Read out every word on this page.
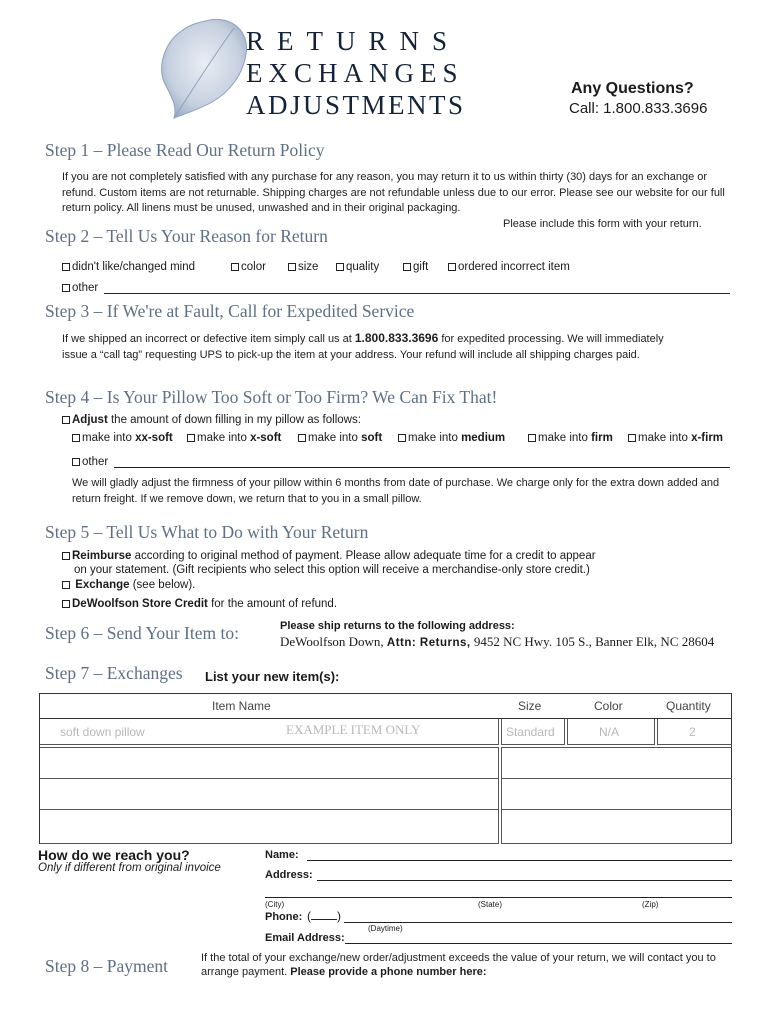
RETURNS
EXCHANGES
ADJUSTMENTS
Any Questions?
Call: 1.800.833.3696
Step 1 – Please Read Our Return Policy
If you are not completely satisfied with any purchase for any reason, you may return it to us within thirty (30) days for an exchange or refund. Custom items are not returnable. Shipping charges are not refundable unless due to our error. Please see our website for our full return policy. All linens must be unused, unwashed and in their original packaging.
Please include this form with your return.
Step 2 – Tell Us Your Reason for Return
didn't like/changed mind	color	size	quality	gift	ordered incorrect item
other
Step 3 – If We're at Fault, Call for Expedited Service
If we shipped an incorrect or defective item simply call us at 1.800.833.3696 for expedited processing. We will immediately issue a “call tag” requesting UPS to pick-up the item at your address. Your refund will include all shipping charges paid.
Step 4 – Is Your Pillow Too Soft or Too Firm? We Can Fix That!
Adjust the amount of down filling in my pillow as follows:
make into xx-soft	make into x-soft	make into soft	make into medium	make into firm	make into x-firm
other
We will gladly adjust the firmness of your pillow within 6 months from date of purchase. We charge only for the extra down added and return freight. If we remove down, we return that to you in a small pillow.
Step 5 – Tell Us What to Do with Your Return
Reimburse according to original method of payment. Please allow adequate time for a credit to appear
on your statement. (Gift recipients who select this option will receive a merchandise-only store credit.)
Exchange (see below).
DeWoolfson Store Credit for the amount of refund.
Step 6 – Send Your Item to:	Please ship returns to the following address:
DeWoolfson Down, Attn: Returns, 9452 NC Hwy. 105 S., Banner Elk, NC 28604
Step 7 – Exchanges List your new item(s):
Item Name	Size	Color	Quantity
soft down pillow	EXAMPLE ITEM ONLY	Standard	N/A	2
How do we reach you?
Only if different from original invoice
Name:
Address:
(City)	(State)	(Zip)
Phone: ( )
(Daytime)
Email Address:
Step 8 – Payment	If the total of your exchange/new order/adjustment exceeds the value of your return, we will contact you to arrange payment. Please provide a phone number here:
